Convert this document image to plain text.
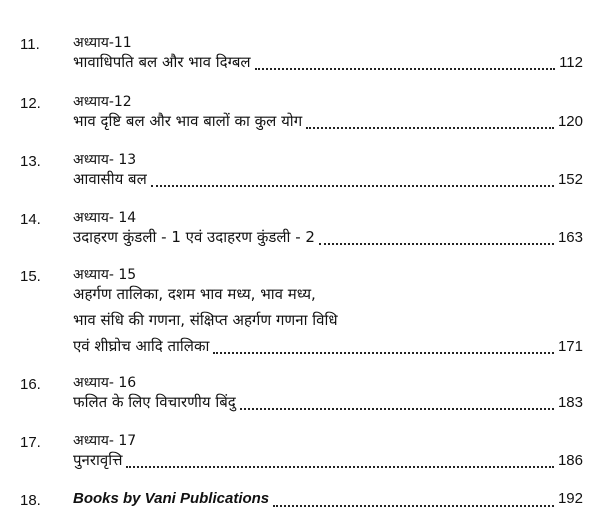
11. अध्याय-11
भावाधिपति बल और भाव दिग्बल	112
12. अध्याय-12
भाव दृष्टि बल और भाव बालों का कुल योग	120
13. अध्याय- 13
आवासीय बल	152
14. अध्याय- 14
उदाहरण कुंडली - 1 एवं उदाहरण कुंडली - 2	163
15. अध्याय- 15
अहर्गण तालिका, दशम भाव मध्य, भाव मध्य,
भाव संधि की गणना, संक्षिप्त अहर्गण गणना विधि
एवं शीघ्रोच आदि तालिका	171
16. अध्याय- 16
फलित के लिए विचारणीय बिंदु	183
17. अध्याय- 17
पुनरावृत्ति	186
18. Books by Vani Publications	192
